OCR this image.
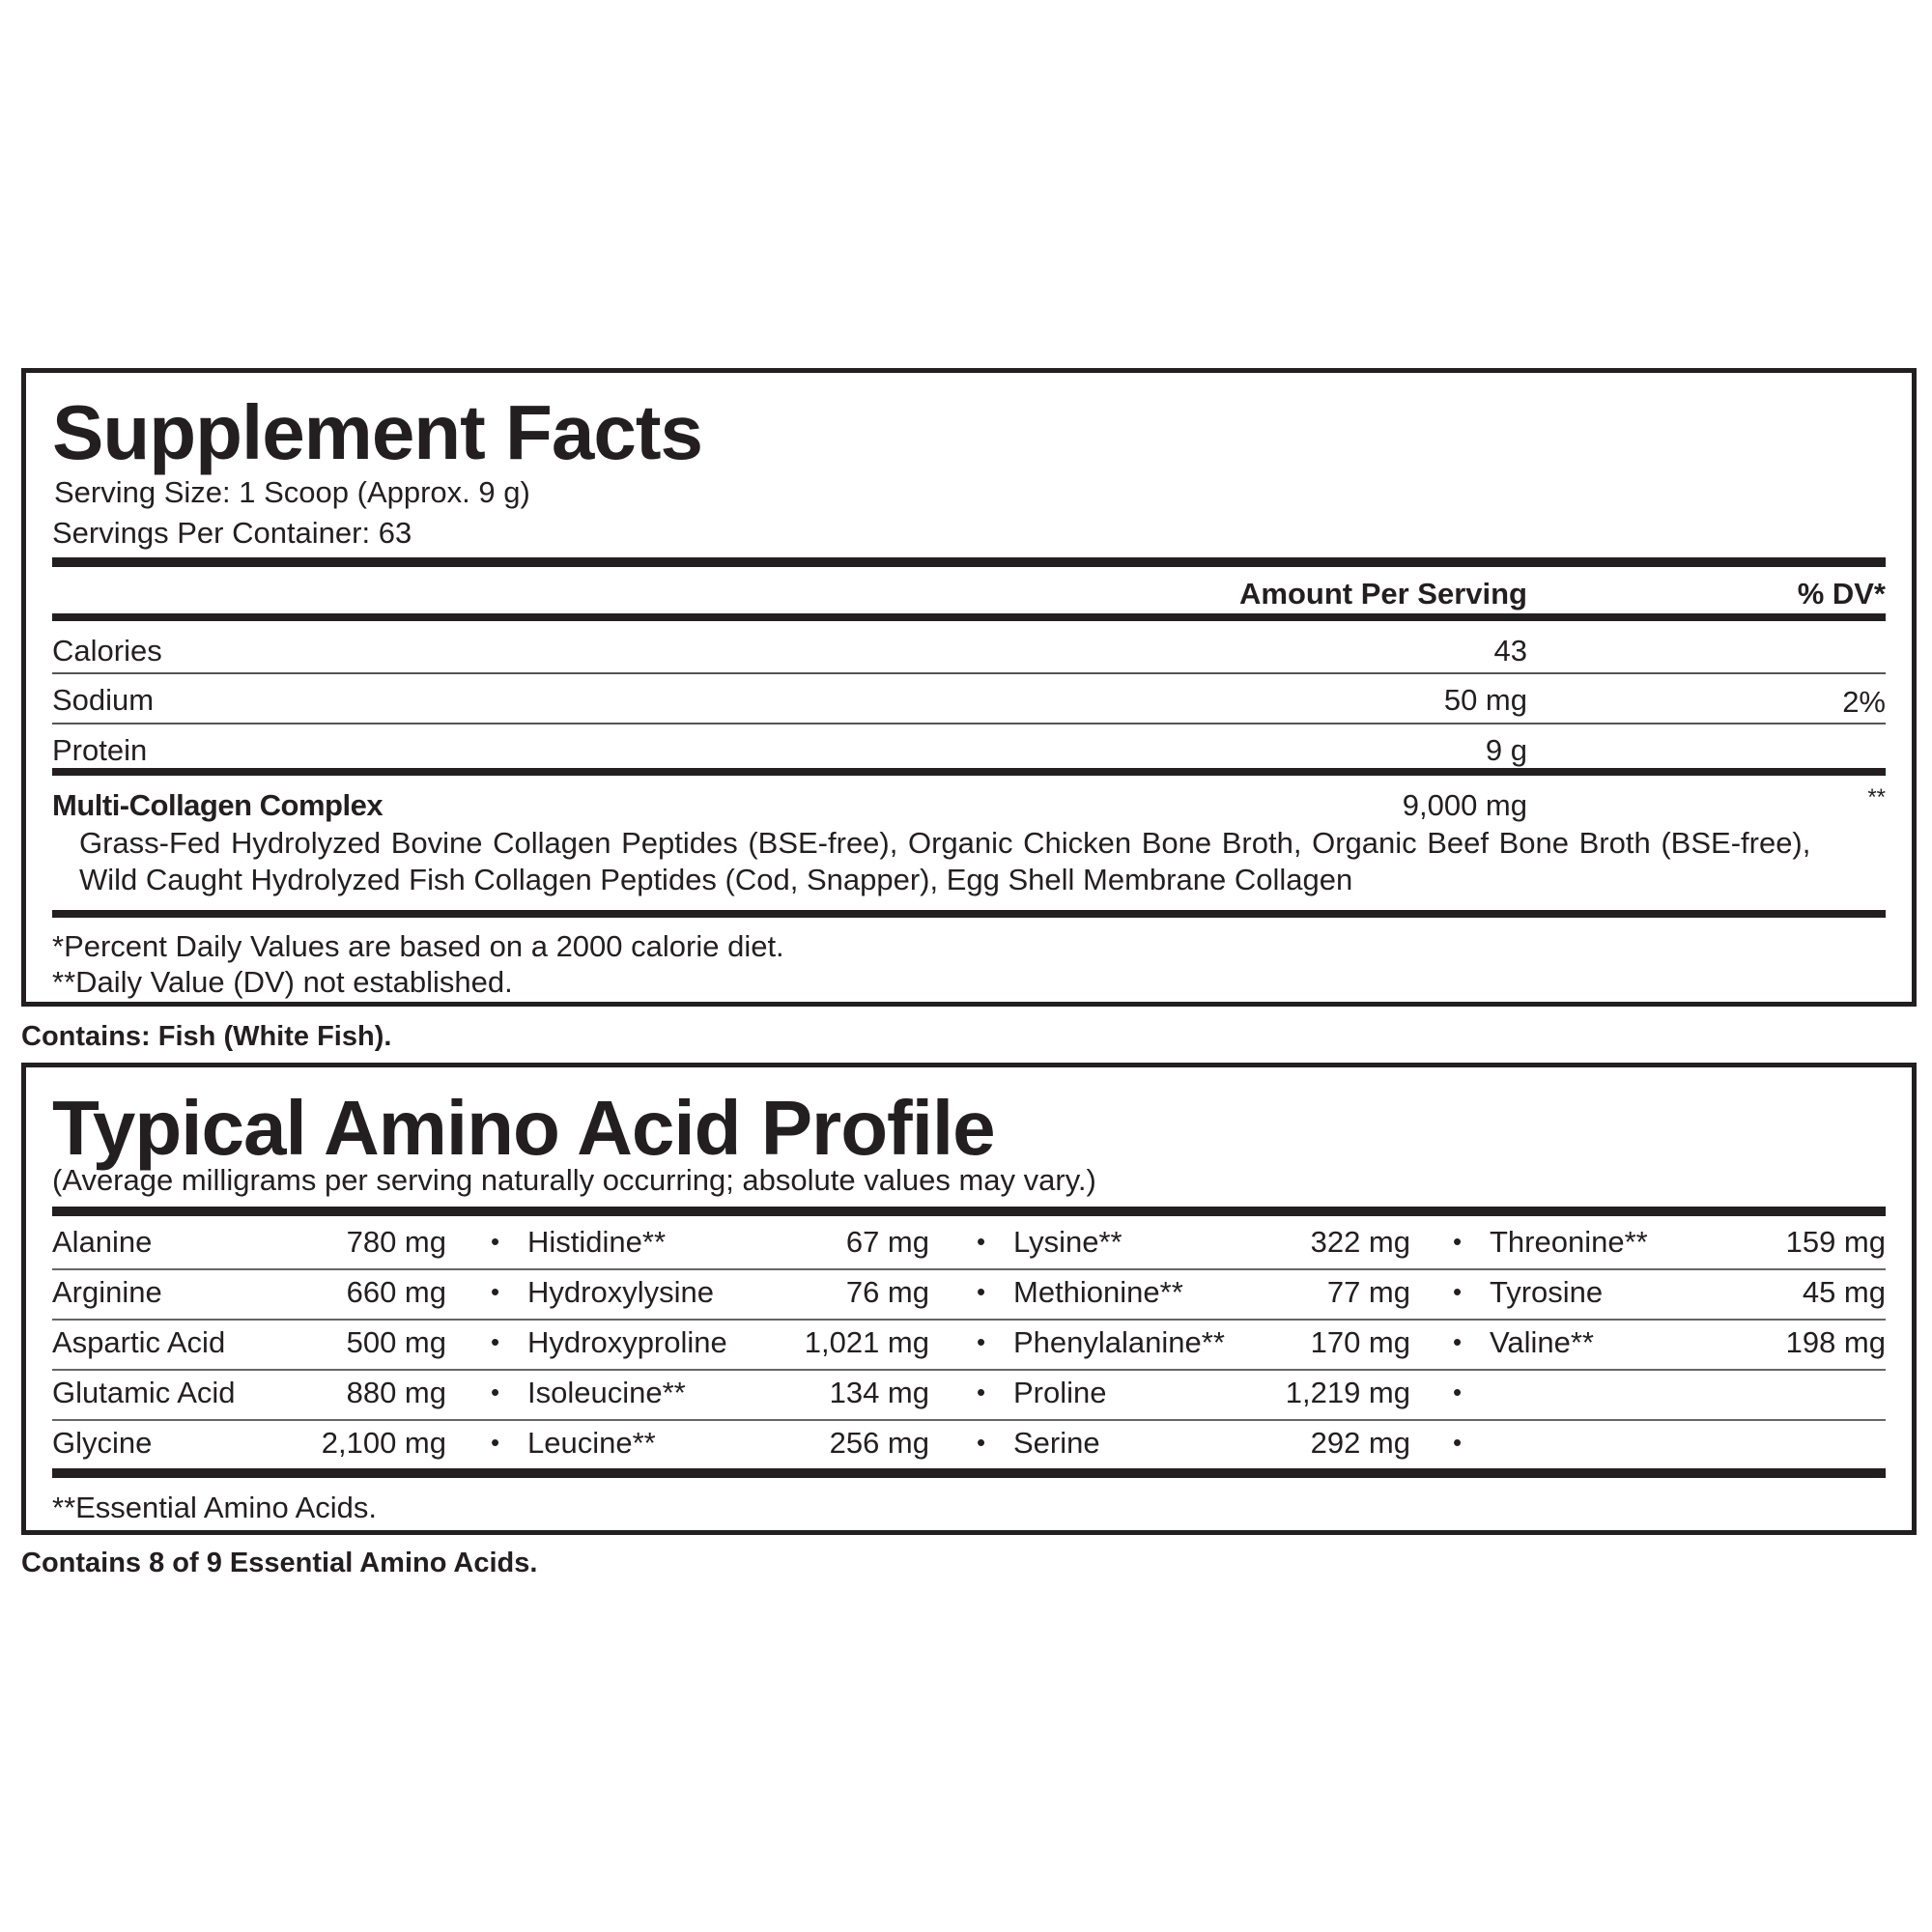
Supplement Facts
Serving Size: 1 Scoop (Approx. 9 g)
Servings Per Container: 63
Amount Per Serving	% DV*
Calories	43
Sodium	50 mg	2%
Protein	9 g
Multi-Collagen Complex	9,000 mg	**
Grass-Fed Hydrolyzed Bovine Collagen Peptides (BSE-free), Organic Chicken Bone Broth, Organic Beef Bone Broth (BSE-free),
Wild Caught Hydrolyzed Fish Collagen Peptides (Cod, Snapper), Egg Shell Membrane Collagen
*Percent Daily Values are based on a 2000 calorie diet.
**Daily Value (DV) not established.
Contains: Fish (White Fish).
Typical Amino Acid Profile
(Average milligrams per serving naturally occurring; absolute values may vary.)
Alanine	780 mg • Histidine**	67 mg • Lysine**	322 mg • Threonine**	159 mg
Arginine	660 mg • Hydroxylysine	76 mg • Methionine**	77 mg • Tyrosine	45 mg
Aspartic Acid	500 mg • Hydroxyproline	1,021 mg • Phenylalanine**	170 mg • Valine**	198 mg
Glutamic Acid	880 mg • Isoleucine**	134 mg • Proline	1,219 mg •
Glycine	2,100 mg • Leucine**	256 mg • Serine	292 mg •
**Essential Amino Acids.
Contains 8 of 9 Essential Amino Acids.
